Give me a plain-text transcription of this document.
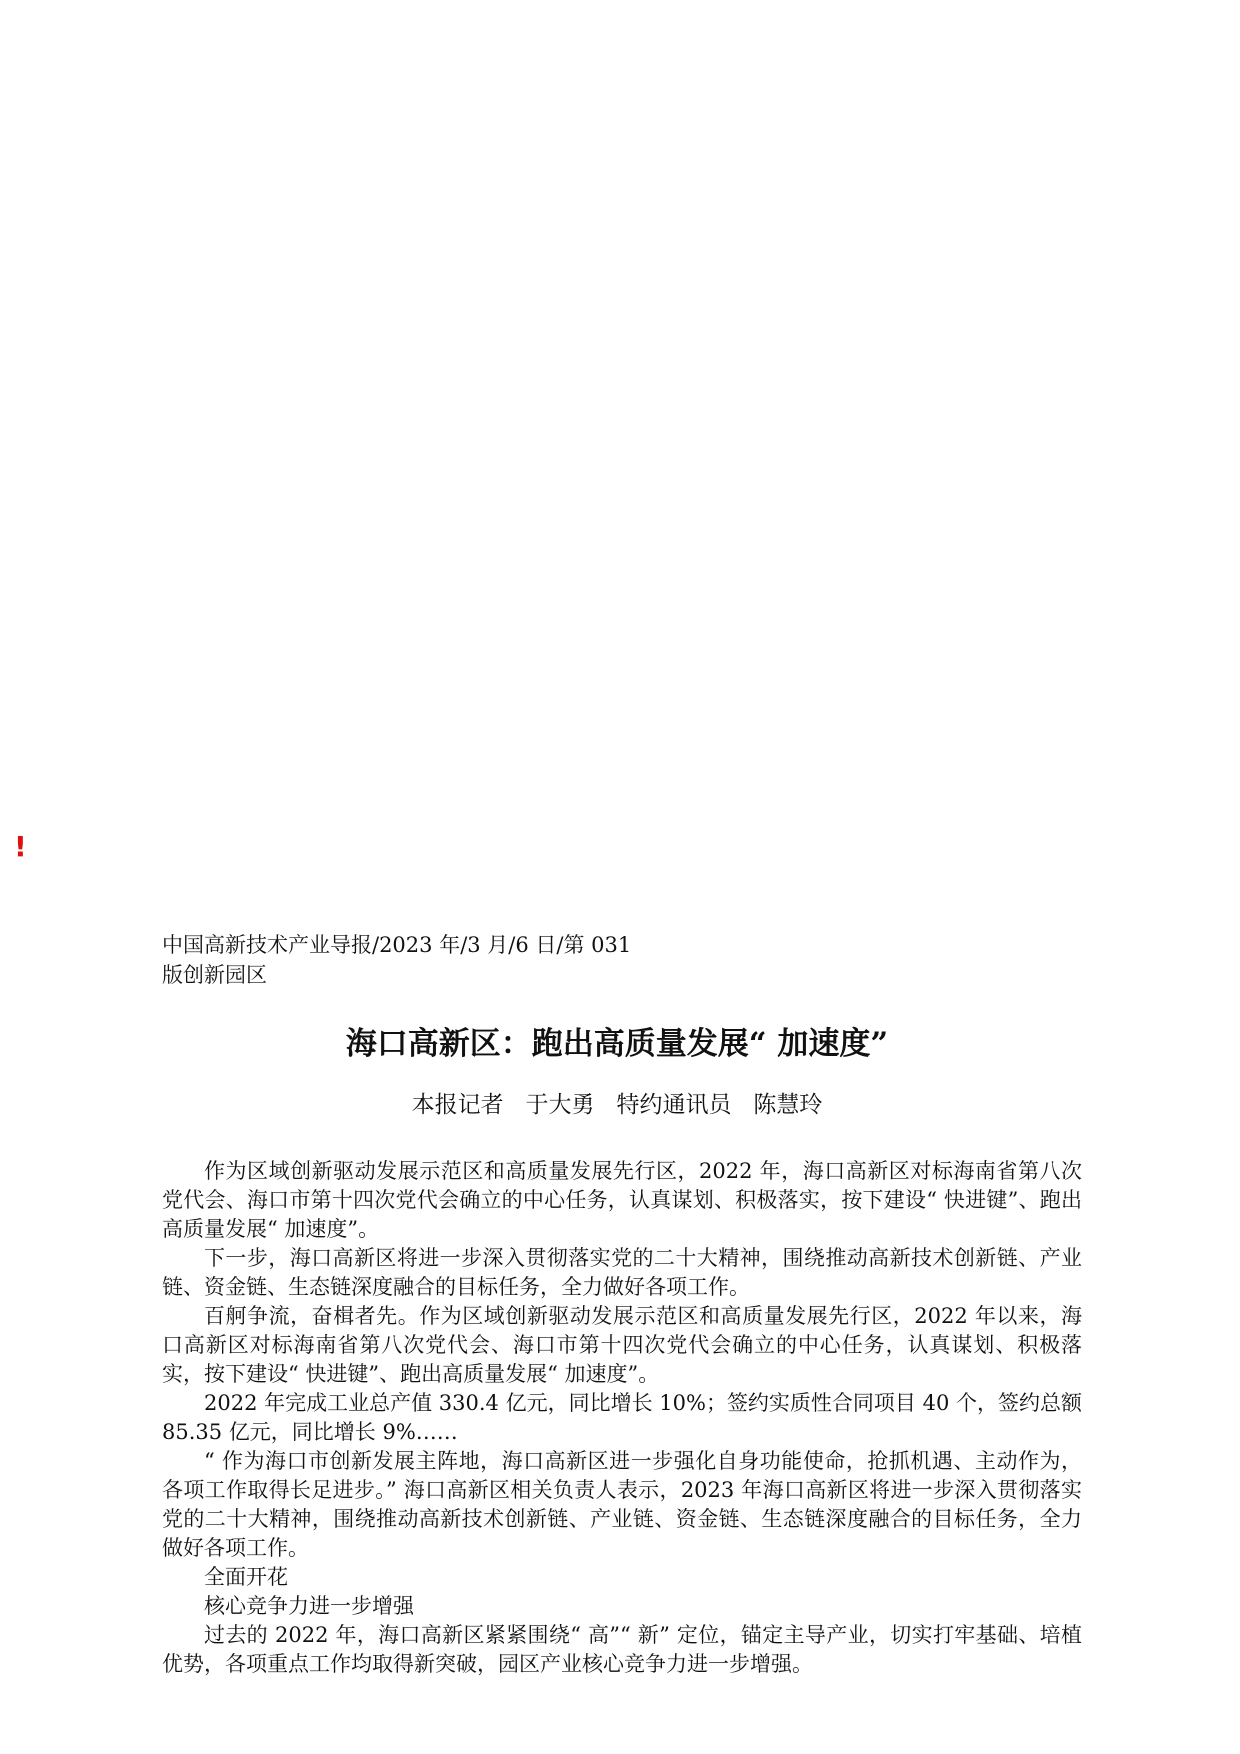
!
中国高新技术产业导报/2023 年/3 月/6 日/第 031
版创新园区
海口高新区：跑出高质量发展“ 加速度”
本报记者   于大勇   特约通讯员   陈慧玲

作为区域创新驱动发展示范区和高质量发展先行区，2022 年，海口高新区对标海南省第八次党代会、海口市第十四次党代会确立的中心任务，认真谋划、积极落实，按下建设“ 快进键”、跑出高质量发展“ 加速度”。

下一步，海口高新区将进一步深入贯彻落实党的二十大精神，围绕推动高新技术创新链、产业链、资金链、生态链深度融合的目标任务，全力做好各项工作。

百舸争流，奋楫者先。作为区域创新驱动发展示范区和高质量发展先行区，2022 年以来，海口高新区对标海南省第八次党代会、海口市第十四次党代会确立的中心任务，认真谋划、积极落实，按下建设“ 快进键”、跑出高质量发展“ 加速度”。

2022 年完成工业总产值 330.4 亿元，同比增长 10%；签约实质性合同项目 40 个，签约总额 85.35 亿元，同比增长 9%……

“ 作为海口市创新发展主阵地，海口高新区进一步强化自身功能使命，抢抓机遇、主动作为，各项工作取得长足进步。” 海口高新区相关负责人表示，2023 年海口高新区将进一步深入贯彻落实党的二十大精神，围绕推动高新技术创新链、产业链、资金链、生态链深度融合的目标任务，全力做好各项工作。

全面开花

核心竞争力进一步增强

过去的 2022 年，海口高新区紧紧围绕“ 高”“ 新” 定位，锚定主导产业，切实打牢基础、培植优势，各项重点工作均取得新突破，园区产业核心竞争力进一步增强。
